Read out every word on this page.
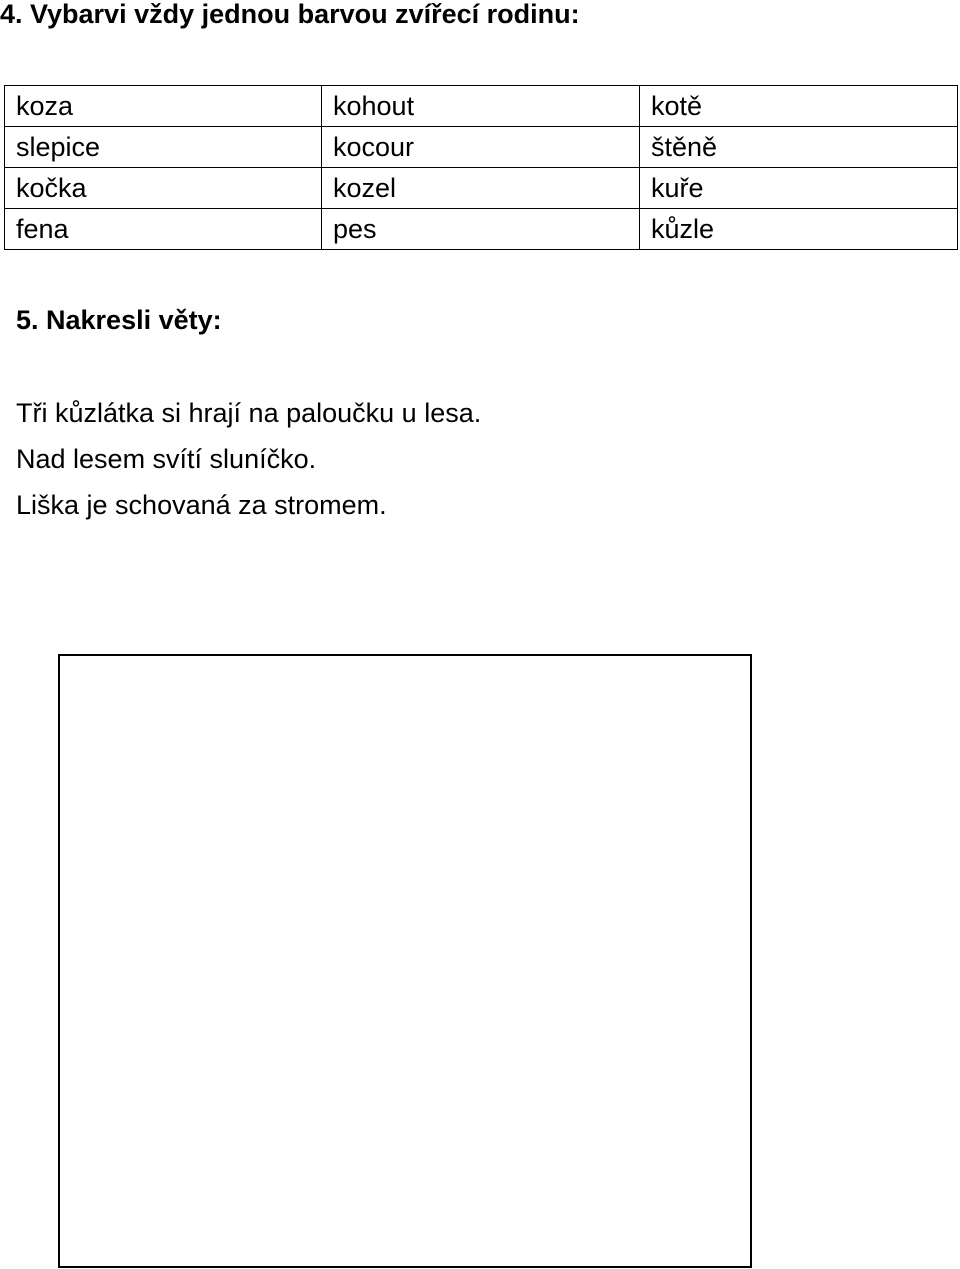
4. Vybarvi vždy jednou barvou zvířecí rodinu:
koza	kohout	kotě
slepice	kocour	štěně
kočka	kozel	kuře
fena	pes	kůzle
5. Nakresli věty:
Tři kůzlátka si hrají na paloučku u lesa.
Nad lesem svítí sluníčko.
Liška je schovaná za stromem.
